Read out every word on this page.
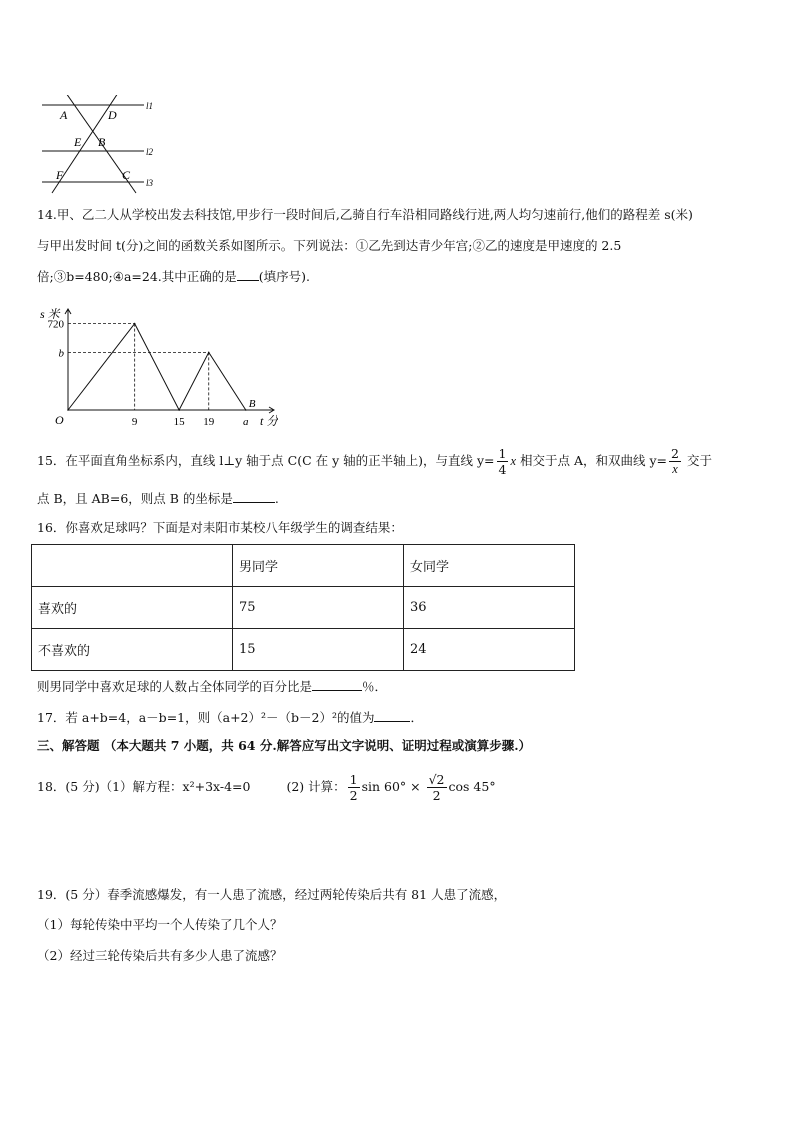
A	D
E B
F	C
l1
l2
l3
14.甲、乙二人从学校出发去科技馆,甲步行一段时间后,乙骑自行车沿相同路线行进,两人均匀速前行,他们的路程差 s(米)
与甲出发时间 t(分)之间的函数关系如图所示。下列说法：①乙先到达青少年宫;②乙的速度是甲速度的 2.5
倍;③b=480;④a=24.其中正确的是 (填序号).
s 米
t 分
O
720
b
9	15 19	a
B
15．在平面直角坐标系内，直线 l⊥y 轴于点 C(C 在 y 轴的正半轴上)，与直线 $y= \frac{1}{4}$ x 相交于点 A，和双曲线 $y= \frac{2}{x}$ 交于
点 B，且 AB=6，则点 B 的坐标是	.
16．你喜欢足球吗？下面是对耒阳市某校八年级学生的调查结果：
	男同学	女同学
喜欢的	75	36
不喜欢的	15	24
则男同学中喜欢足球的人数占全体同学的百分比是	％．
17．若 a+b=4，a－b=1，则（a+2）²－（b－2）²的值为	．
三、解答题 （本大题共 7 小题，共 64 分.解答应写出文字说明、证明过程或演算步骤.）
18．(5 分)（1）解方程：x²+3x-4=0	(2) 计算： $\frac{1}{2}$ $\sin 60^\circ \times \frac{√2}{2}$ cos 45°
19．(5 分）春季流感爆发，有一人患了流感，经过两轮传染后共有 81 人患了流感，
（1）每轮传染中平均一个人传染了几个人？
（2）经过三轮传染后共有多少人患了流感？
